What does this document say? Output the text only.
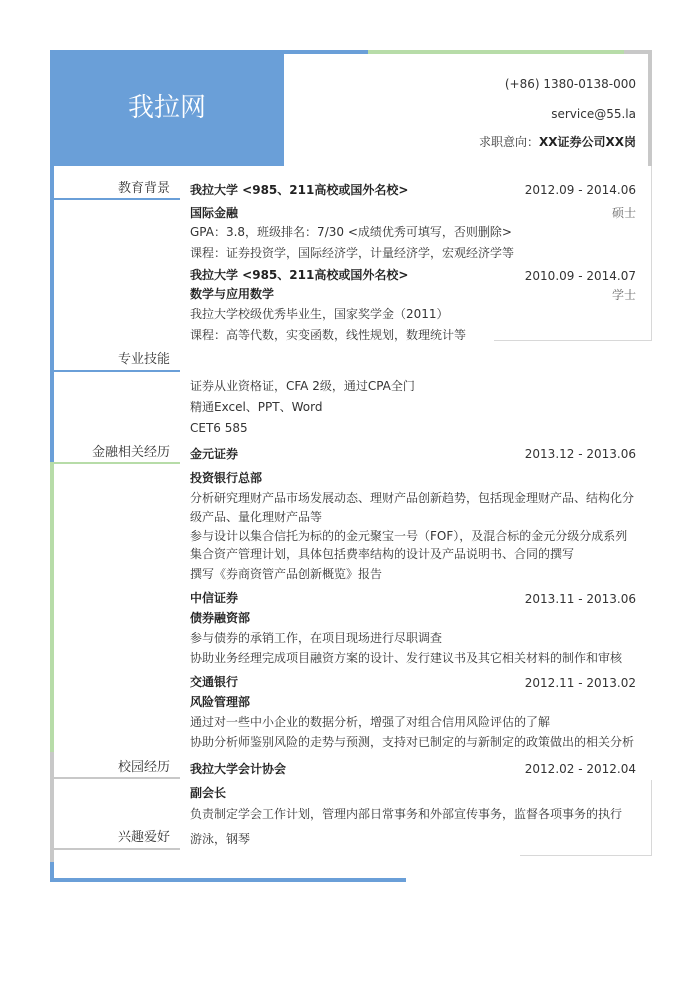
我拉网
(+86) 1380-0138-000
service@55.la
求职意向：XX证券公司XX岗
教育背景 我拉大学 <985、211高校或国外名校>	2012.09 - 2014.06
国际金融	硕士
GPA：3.8，班级排名：7/30 <成绩优秀可填写，否则删除>
课程：证券投资学，国际经济学，计量经济学，宏观经济学等
我拉大学 <985、211高校或国外名校>	2010.09 - 2014.07
数学与应用数学	学士
我拉大学校级优秀毕业生，国家奖学金（2011）
课程：高等代数，实变函数，线性规划，数理统计等
专业技能
证券从业资格证，CFA 2级，通过CPA全门
精通Excel、PPT、Word
CET6 585
金融相关经历 金元证券	2013.12 - 2013.06
投资银行总部
分析研究理财产品市场发展动态、理财产品创新趋势，包括现金理财产品、结构化分
级产品、量化理财产品等
参与设计以集合信托为标的的金元聚宝一号（FOF），及混合标的金元分级分成系列
集合资产管理计划，具体包括费率结构的设计及产品说明书、合同的撰写
撰写《券商资管产品创新概览》报告
中信证券	2013.11 - 2013.06
债券融资部
参与债券的承销工作，在项目现场进行尽职调查
协助业务经理完成项目融资方案的设计、发行建议书及其它相关材料的制作和审核
交通银行	2012.11 - 2013.02
风险管理部
通过对一些中小企业的数据分析，增强了对组合信用风险评估的了解
协助分析师鉴别风险的走势与预测，支持对已制定的与新制定的政策做出的相关分析
校园经历 我拉大学会计协会	2012.02 - 2012.04
副会长
负责制定学会工作计划，管理内部日常事务和外部宣传事务，监督各项事务的执行
兴趣爱好 游泳，钢琴
